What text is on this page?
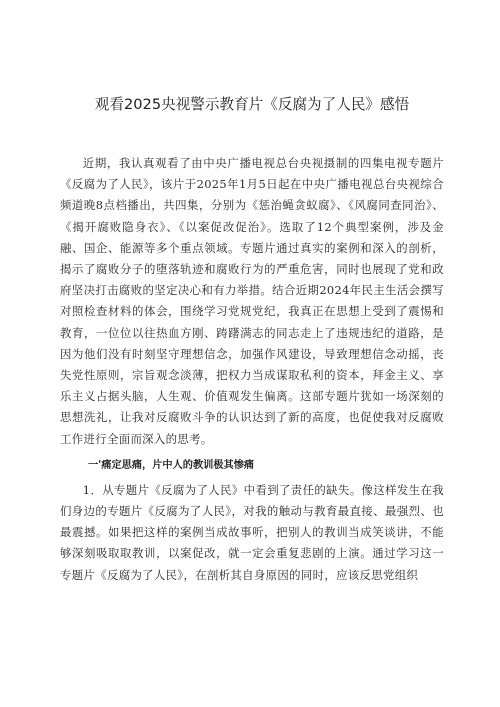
观看2025央视警示教育片《反腐为了人民》感悟

近期，我认真观看了由中央广播电视总台央视摄制的四集电视专题片《反腐为了人民》，该片于2025年1月5日起在中央广播电视总台央视综合频道晚8点档播出，共四集，分别为《惩治蝇贪蚁腐》、《风腐同查同治》、《揭开腐败隐身衣》、《以案促改促治》。选取了12个典型案例，涉及金融、国企、能源等多个重点领域。专题片通过真实的案例和深入的剖析，揭示了腐败分子的堕落轨迹和腐败行为的严重危害，同时也展现了党和政府坚决打击腐败的坚定决心和有力举措。结合近期2024年民主生活会撰写对照检查材料的体会，围绕学习党规党纪，我真正在思想上受到了震惕和教育，一位位以往热血方刚、踌躇满志的同志走上了违规违纪的道路，是因为他们没有时刻坚守理想信念，加强作风建设，导致理想信念动摇，丧失党性原则，宗旨观念淡薄，把权力当成谋取私利的资本，拜金主义、享乐主义占据头脑，人生观、价值观发生偏离。这部专题片犹如一场深刻的思想洗礼，让我对反腐败斗争的认识达到了新的高度，也促使我对反腐败工作进行全面而深入的思考。

一'痛定思痛，片中人的教训极其惨痛

1．从专题片《反腐为了人民》中看到了责任的缺失。像这样发生在我们身边的专题片《反腐为了人民》，对我的触动与教育最直接、最强烈、也最震撼。如果把这样的案例当成故事听，把别人的教训当成笑谈讲，不能够深刻吸取取教训，以案促改，就一定会重复悲剧的上演。通过学习这一专题片《反腐为了人民》，在剖析其自身原因的同时，应该反思党组织
